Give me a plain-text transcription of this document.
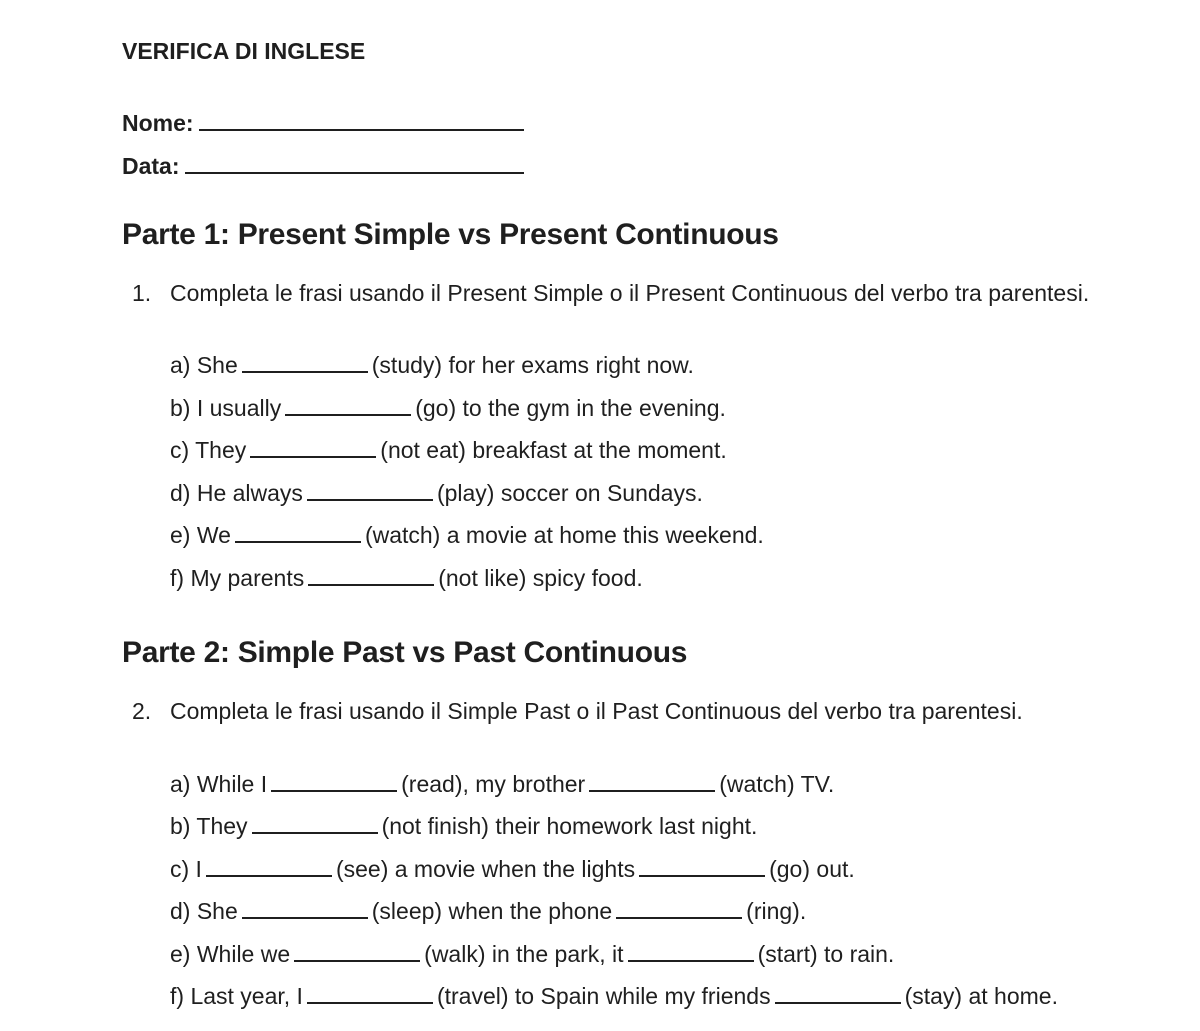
VERIFICA DI INGLESE
Nome:
Data:
Parte 1: Present Simple vs Present Continuous
1. Completa le frasi usando il Present Simple o il Present Continuous del verbo tra parentesi.
a) She	(study) for her exams right now.
b) I usually	(go) to the gym in the evening.
c) They	(not eat) breakfast at the moment.
d) He always	(play) soccer on Sundays.
e) We	(watch) a movie at home this weekend.
f) My parents	(not like) spicy food.
Parte 2: Simple Past vs Past Continuous
2. Completa le frasi usando il Simple Past o il Past Continuous del verbo tra parentesi.
a) While I	(read), my brother	(watch) TV.
b) They	(not finish) their homework last night.
c) I	(see) a movie when the lights	(go) out.
d) She	(sleep) when the phone	(ring).
e) While we	(walk) in the park, it	(start) to rain.
f) Last year, I	(travel) to Spain while my friends	(stay) at home.
